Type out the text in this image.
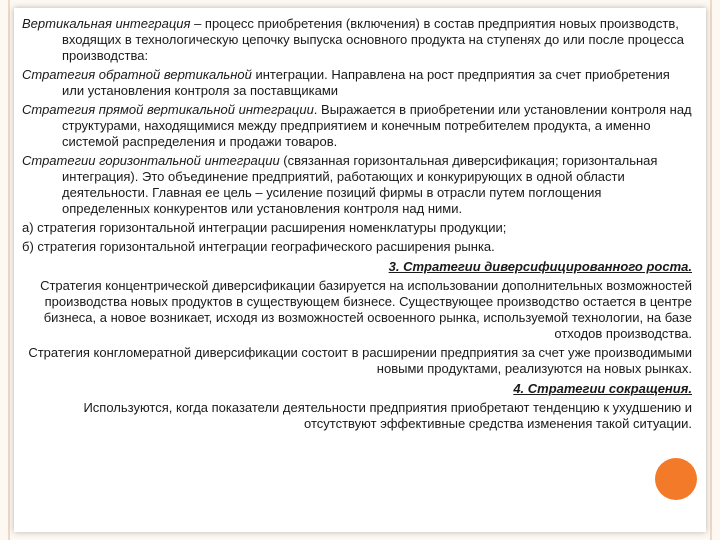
Вертикальная интеграция – процесс приобретения (включения) в состав предприятия новых производств, входящих в технологическую цепочку выпуска основного продукта на ступенях до или после процесса производства:

Стратегия обратной вертикальной интеграции. Направлена на рост предприятия за счет приобретения или установления контроля за поставщиками

Стратегия прямой вертикальной интеграции. Выражается в приобретении или установлении контроля над структурами, находящимися между предприятием и конечным потребителем продукта, а именно системой распределения и продажи товаров.

Стратегии горизонтальной интеграции (связанная горизонтальная диверсификация; горизонтальная интеграция). Это объединение предприятий, работающих и конкурирующих в одной области деятельности. Главная ее цель – усиление позиций фирмы в отрасли путем поглощения определенных конкурентов или установления контроля над ними.

а) стратегия горизонтальной интеграции расширения номенклатуры продукции;

б) стратегия горизонтальной интеграции географического расширения рынка.

3. Стратегии диверсифицированного роста.

Стратегия концентрической диверсификации базируется на использовании дополнительных возможностей производства новых продуктов в существующем бизнесе. Существующее производство остается в центре бизнеса, а новое возникает, исходя из возможностей освоенного рынка, используемой технологии, на базе отходов производства.

Стратегия конгломератной диверсификации состоит в расширении предприятия за счет уже производимыми новыми продуктами, реализуются на новых рынках.

4. Стратегии сокращения.

Используются, когда показатели деятельности предприятия приобретают тенденцию к ухудшению и отсутствуют эффективные средства изменения такой ситуации.
